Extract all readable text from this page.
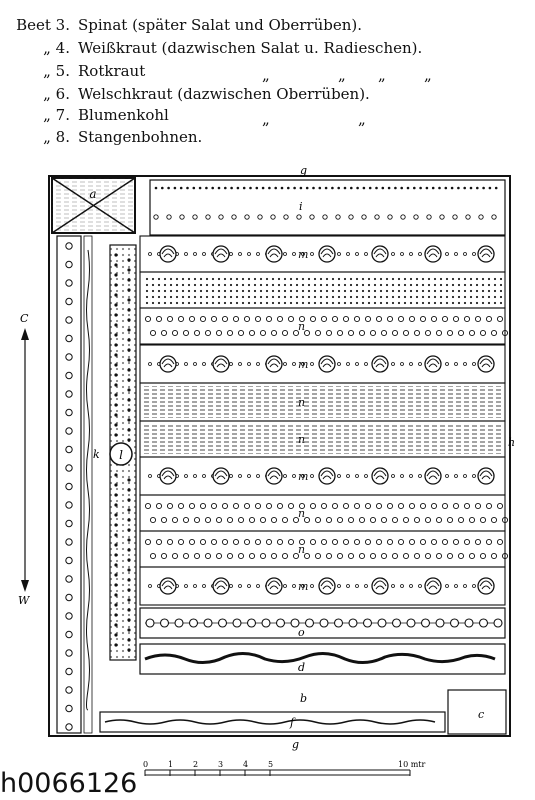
Beet 3. Spinat (später Salat und Oberrüben).
„ 4. Weißkraut (dazwischen Salat u. Radieschen).
„ 5. Rotkraut
„ 6. Welschkraut (dazwischen Oberrüben).
„ 7. Blumenkohl
„ 8. Stangenbohnen.
„	„ „	„
„	„
a
l
k
g
i
m
n
m
n
n
m
n
n
m
o
d
b
c
f
g
h
C
W
0 1 2 3 4 5	10 mtr
h0066126
